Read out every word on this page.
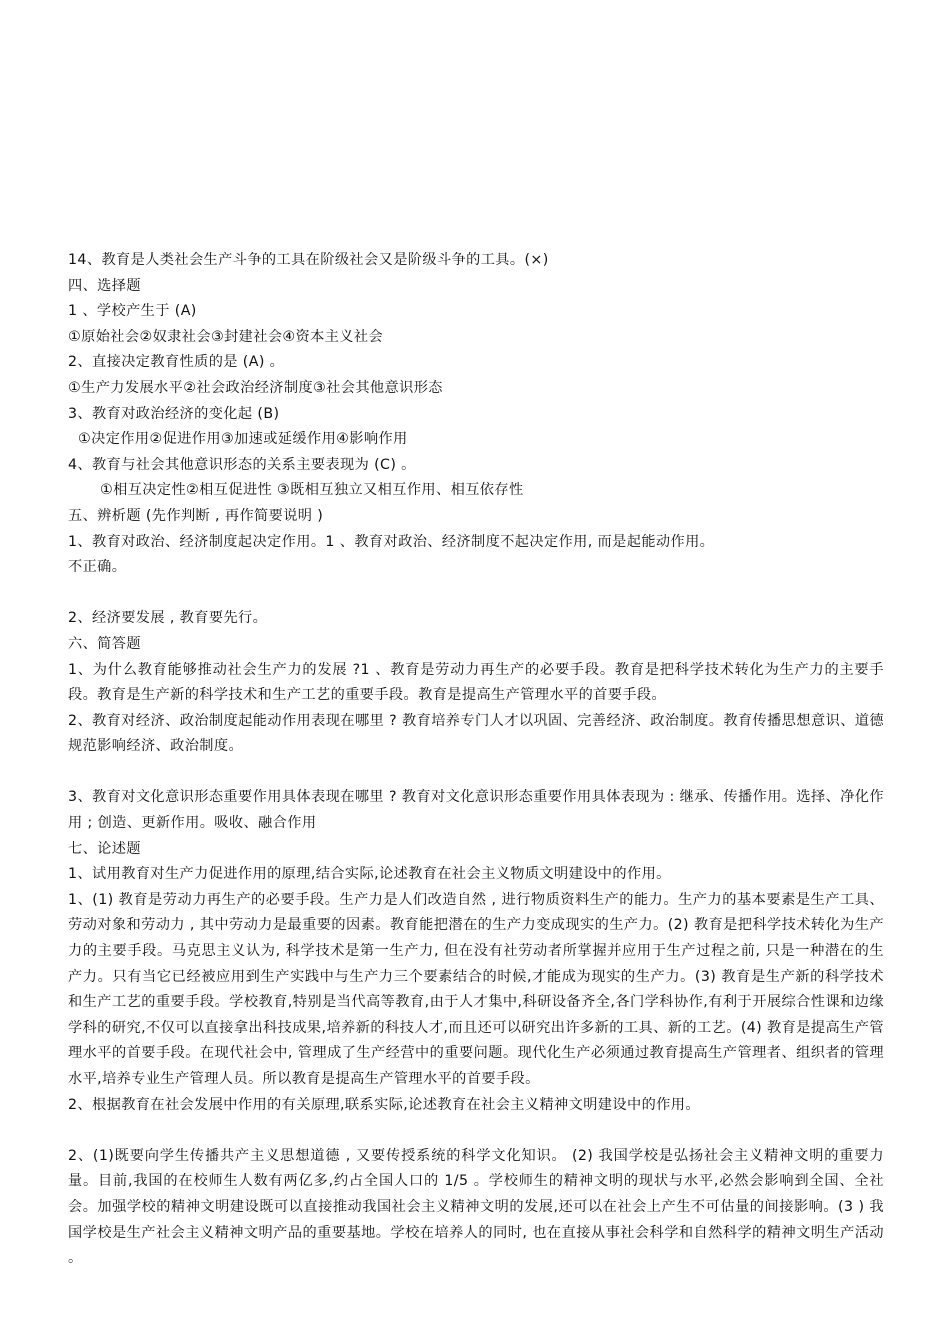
14、教育是人类社会生产斗争的工具在阶级社会又是阶级斗争的工具。(×)
四、选择题
1 、学校产生于 (A)
①原始社会②奴隶社会③封建社会④资本主义社会
2、直接决定教育性质的是 (A) 。
①生产力发展水平②社会政治经济制度③社会其他意识形态
3、教育对政治经济的变化起 (B)
①决定作用②促进作用③加速或延缓作用④影响作用
4、教育与社会其他意识形态的关系主要表现为 (C) 。
①相互决定性②相互促进性 ③既相互独立又相互作用、相互依存性
五、辨析题 (先作判断 , 再作简要说明 )
1、教育对政治、经济制度起决定作用。1 、教育对政治、经济制度不起决定作用, 而是起能动作用。
不正确。
2、经济要发展 , 教育要先行。
六、简答题
1、为什么教育能够推动社会生产力的发展 ?1 、教育是劳动力再生产的必要手段。教育是把科学技术转化为生产力的主要手段。教育是生产新的科学技术和生产工艺的重要手段。教育是提高生产管理水平的首要手段。
2、教育对经济、政治制度起能动作用表现在哪里 ? 教育培养专门人才以巩固、完善经济、政治制度。教育传播思想意识、道德规范影响经济、政治制度。
3、教育对文化意识形态重要作用具体表现在哪里 ? 教育对文化意识形态重要作用具体表现为 : 继承、传播作用。选择、净化作用 ; 创造、更新作用。吸收、融合作用
七、论述题
1、试用教育对生产力促进作用的原理,结合实际,论述教育在社会主义物质文明建设中的作用。
1、(1) 教育是劳动力再生产的必要手段。生产力是人们改造自然 , 进行物质资料生产的能力。生产力的基本要素是生产工具、劳动对象和劳动力 , 其中劳动力是最重要的因素。教育能把潜在的生产力变成现实的生产力。(2) 教育是把科学技术转化为生产力的主要手段。马克思主义认为, 科学技术是第一生产力, 但在没有社劳动者所掌握并应用于生产过程之前, 只是一种潜在的生产力。只有当它已经被应用到生产实践中与生产力三个要素结合的时候,才能成为现实的生产力。(3) 教育是生产新的科学技术和生产工艺的重要手段。学校教育,特别是当代高等教育,由于人才集中,科研设备齐全,各门学科协作,有利于开展综合性课和边缘学科的研究,不仅可以直接拿出科技成果,培养新的科技人才,而且还可以研究出许多新的工具、新的工艺。(4) 教育是提高生产管理水平的首要手段。在现代社会中, 管理成了生产经营中的重要问题。现代化生产必须通过教育提高生产管理者、组织者的管理水平,培养专业生产管理人员。所以教育是提高生产管理水平的首要手段。
2、根据教育在社会发展中作用的有关原理,联系实际,论述教育在社会主义精神文明建设中的作用。
2、(1)既要向学生传播共产主义思想道德 , 又要传授系统的科学文化知识。 (2) 我国学校是弘扬社会主义精神文明的重要力量。目前,我国的在校师生人数有两亿多,约占全国人口的 1/5 。学校师生的精神文明的现状与水平,必然会影响到全国、全社会。加强学校的精神文明建设既可以直接推动我国社会主义精神文明的发展,还可以在社会上产生不可估量的间接影响。(3 ) 我国学校是生产社会主义精神文明产品的重要基地。学校在培养人的同时, 也在直接从事社会科学和自然科学的精神文明生产活动 。
